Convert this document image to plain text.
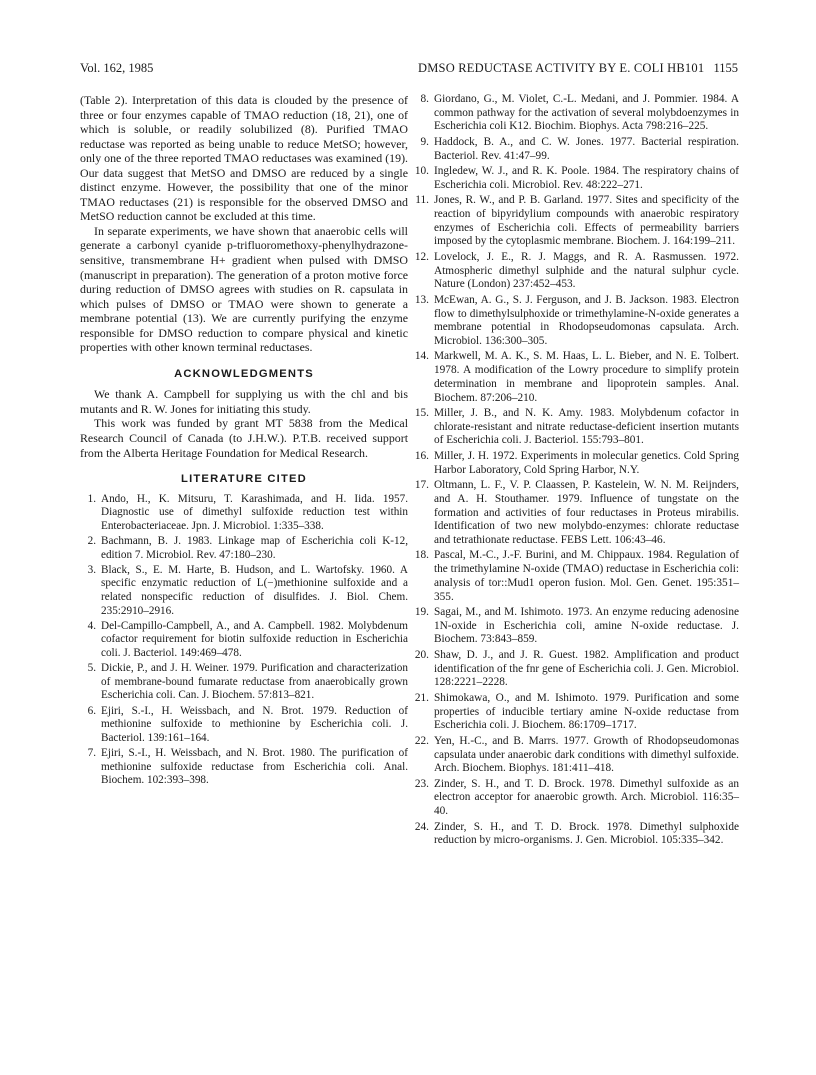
Vol. 162, 1985	DMSO REDUCTASE ACTIVITY BY E. COLI HB101 1155

(Table 2). Interpretation of this data is clouded by the presence of three or four enzymes capable of TMAO reduction (18, 21), one of which is soluble, or readily solubilized (8). Purified TMAO reductase was reported as being unable to reduce MetSO; however, only one of the three reported TMAO reductases was examined (19). Our data suggest that MetSO and DMSO are reduced by a single distinct enzyme. However, the possibility that one of the minor TMAO reductases (21) is responsible for the observed DMSO and MetSO reduction cannot be excluded at this time.

In separate experiments, we have shown that anaerobic cells will generate a carbonyl cyanide p-trifluoromethoxy-phenylhydrazone-sensitive, transmembrane H+ gradient when pulsed with DMSO (manuscript in preparation). The generation of a proton motive force during reduction of DMSO agrees with studies on R. capsulata in which pulses of DMSO or TMAO were shown to generate a membrane potential (13). We are currently purifying the enzyme responsible for DMSO reduction to compare physical and kinetic properties with other known terminal reductases.

ACKNOWLEDGMENTS

We thank A. Campbell for supplying us with the chl and bis mutants and R. W. Jones for initiating this study.

This work was funded by grant MT 5838 from the Medical Research Council of Canada (to J.H.W.). P.T.B. received support from the Alberta Heritage Foundation for Medical Research.

LITERATURE CITED
1. Ando, H., K. Mitsuru, T. Karashimada, and H. Iida. 1957. Diagnostic use of dimethyl sulfoxide reduction test within Enterobacteriaceae. Jpn. J. Microbiol. 1:335–338.
2. Bachmann, B. J. 1983. Linkage map of Escherichia coli K-12, edition 7. Microbiol. Rev. 47:180–230.
3. Black, S., E. M. Harte, B. Hudson, and L. Wartofsky. 1960. A specific enzymatic reduction of L(−)methionine sulfoxide and a related nonspecific reduction of disulfides. J. Biol. Chem. 235:2910–2916.
4. Del-Campillo-Campbell, A., and A. Campbell. 1982. Molybdenum cofactor requirement for biotin sulfoxide reduction in Escherichia coli. J. Bacteriol. 149:469–478.
5. Dickie, P., and J. H. Weiner. 1979. Purification and characterization of membrane-bound fumarate reductase from anaerobically grown Escherichia coli. Can. J. Biochem. 57:813–821.
6. Ejiri, S.-I., H. Weissbach, and N. Brot. 1979. Reduction of methionine sulfoxide to methionine by Escherichia coli. J. Bacteriol. 139:161–164.
7. Ejiri, S.-I., H. Weissbach, and N. Brot. 1980. The purification of methionine sulfoxide reductase from Escherichia coli. Anal. Biochem. 102:393–398.
8. Giordano, G., M. Violet, C.-L. Medani, and J. Pommier. 1984. A common pathway for the activation of several molybdoenzymes in Escherichia coli K12. Biochim. Biophys. Acta 798:216–225.
9. Haddock, B. A., and C. W. Jones. 1977. Bacterial respiration. Bacteriol. Rev. 41:47–99.
10. Ingledew, W. J., and R. K. Poole. 1984. The respiratory chains of Escherichia coli. Microbiol. Rev. 48:222–271.
11. Jones, R. W., and P. B. Garland. 1977. Sites and specificity of the reaction of bipyridylium compounds with anaerobic respiratory enzymes of Escherichia coli. Effects of permeability barriers imposed by the cytoplasmic membrane. Biochem. J. 164:199–211.
12. Lovelock, J. E., R. J. Maggs, and R. A. Rasmussen. 1972. Atmospheric dimethyl sulphide and the natural sulphur cycle. Nature (London) 237:452–453.
13. McEwan, A. G., S. J. Ferguson, and J. B. Jackson. 1983. Electron flow to dimethylsulphoxide or trimethylamine-N-oxide generates a membrane potential in Rhodopseudomonas capsulata. Arch. Microbiol. 136:300–305.
14. Markwell, M. A. K., S. M. Haas, L. L. Bieber, and N. E. Tolbert. 1978. A modification of the Lowry procedure to simplify protein determination in membrane and lipoprotein samples. Anal. Biochem. 87:206–210.
15. Miller, J. B., and N. K. Amy. 1983. Molybdenum cofactor in chlorate-resistant and nitrate reductase-deficient insertion mutants of Escherichia coli. J. Bacteriol. 155:793–801.
16. Miller, J. H. 1972. Experiments in molecular genetics. Cold Spring Harbor Laboratory, Cold Spring Harbor, N.Y.
17. Oltmann, L. F., V. P. Claassen, P. Kastelein, W. N. M. Reijnders, and A. H. Stouthamer. 1979. Influence of tungstate on the formation and activities of four reductases in Proteus mirabilis. Identification of two new molybdo-enzymes: chlorate reductase and tetrathionate reductase. FEBS Lett. 106:43–46.
18. Pascal, M.-C., J.-F. Burini, and M. Chippaux. 1984. Regulation of the trimethylamine N-oxide (TMAO) reductase in Escherichia coli: analysis of tor::Mud1 operon fusion. Mol. Gen. Genet. 195:351–355.
19. Sagai, M., and M. Ishimoto. 1973. An enzyme reducing adenosine 1N-oxide in Escherichia coli, amine N-oxide reductase. J. Biochem. 73:843–859.
20. Shaw, D. J., and J. R. Guest. 1982. Amplification and product identification of the fnr gene of Escherichia coli. J. Gen. Microbiol. 128:2221–2228.
21. Shimokawa, O., and M. Ishimoto. 1979. Purification and some properties of inducible tertiary amine N-oxide reductase from Escherichia coli. J. Biochem. 86:1709–1717.
22. Yen, H.-C., and B. Marrs. 1977. Growth of Rhodopseudomonas capsulata under anaerobic dark conditions with dimethyl sulfoxide. Arch. Biochem. Biophys. 181:411–418.
23. Zinder, S. H., and T. D. Brock. 1978. Dimethyl sulfoxide as an electron acceptor for anaerobic growth. Arch. Microbiol. 116:35–40.
24. Zinder, S. H., and T. D. Brock. 1978. Dimethyl sulphoxide reduction by micro-organisms. J. Gen. Microbiol. 105:335–342.
